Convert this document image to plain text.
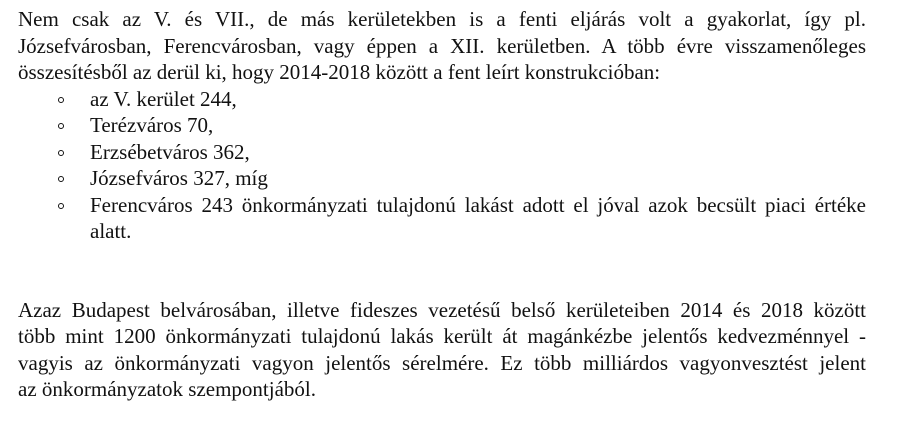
Nem csak az V. és VII., de más kerületekben is a fenti eljárás volt a gyakorlat, így pl.
Józsefvárosban, Ferencvárosban, vagy éppen a XII. kerületben. A több évre visszamenőleges
összesítésből az derül ki, hogy 2014-2018 között a fent leírt konstrukcióban:

az V. kerület 244,
Terézváros 70,
Erzsébetváros 362,
Józsefváros 327, míg
Ferencváros 243 önkormányzati tulajdonú lakást adott el jóval azok becsült piaci értéke
alatt.

Azaz Budapest belvárosában, illetve fideszes vezetésű belső kerületeiben 2014 és 2018 között
több mint 1200 önkormányzati tulajdonú lakás került át magánkézbe jelentős kedvezménnyel -
vagyis az önkormányzati vagyon jelentős sérelmére. Ez több milliárdos vagyonvesztést jelent
az önkormányzatok szempontjából.
